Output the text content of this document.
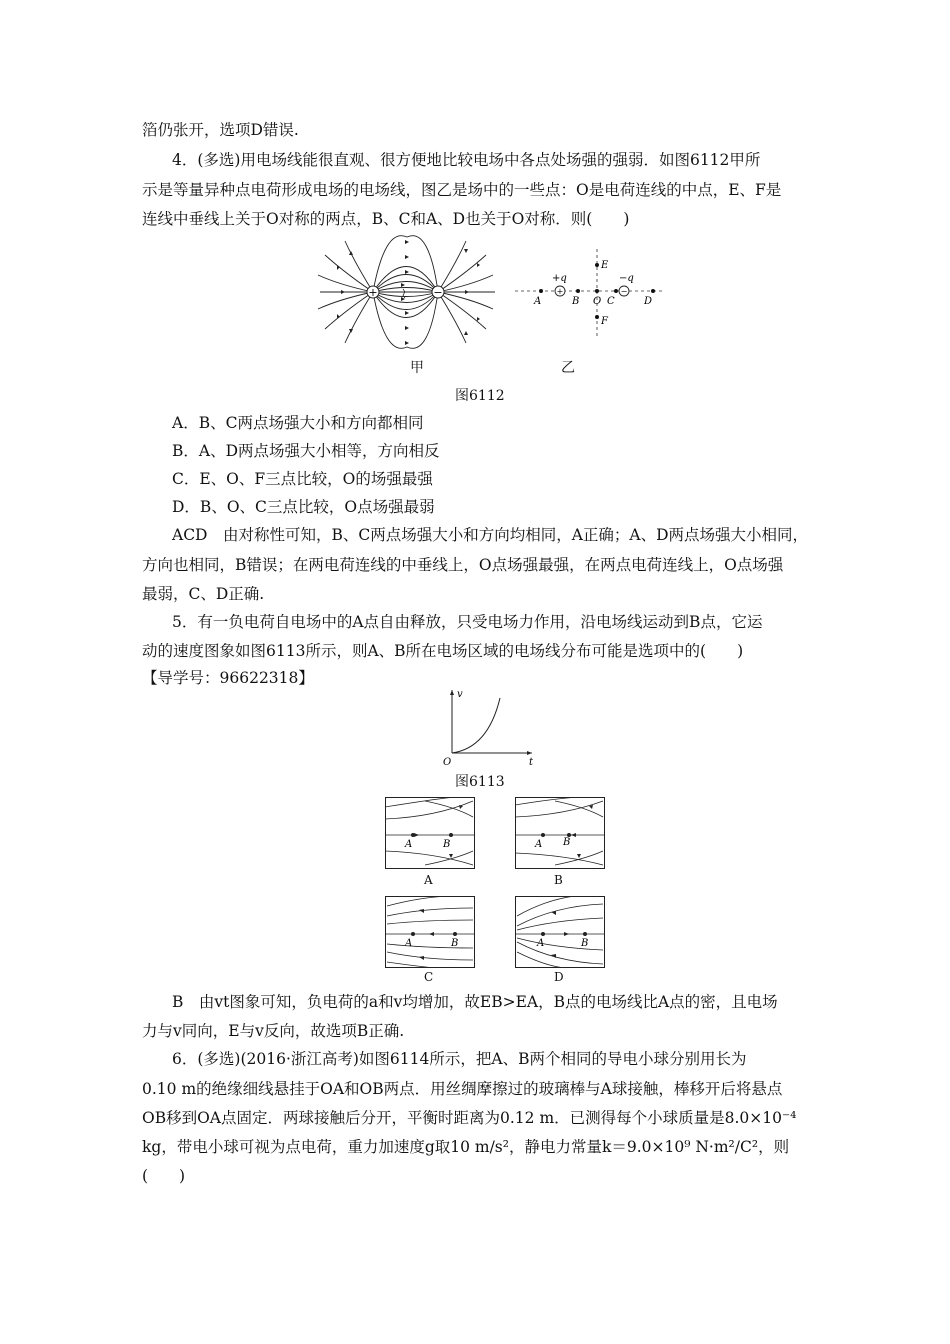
箔仍张开，选项D错误.
4．(多选)用电场线能很直观、很方便地比较电场中各点处场强的强弱．如图6112甲所
示是等量异种点电荷形成电场的电场线，图乙是场中的一些点：O是电荷连线的中点，E、F是
连线中垂线上关于O对称的两点，B、C和A、D也关于O对称．则(　　)
+	−	+	−
+q	−q
A	B O C	D
E
F
甲	乙
图6112
A．B、C两点场强大小和方向都相同
B．A、D两点场强大小相等，方向相反
C．E、O、F三点比较，O的场强最强
D．B、O、C三点比较，O点场强最弱
ACD　由对称性可知，B、C两点场强大小和方向均相同，A正确；A、D两点场强大小相同，
方向也相同，B错误；在两电荷连线的中垂线上，O点场强最强，在两点电荷连线上，O点场强
最弱，C、D正确.
5．有一负电荷自电场中的A点自由释放，只受电场力作用，沿电场线运动到B点，它运
动的速度图象如图6113所示，则A、B所在电场区域的电场线分布可能是选项中的(　　)
【导学号：96622318】
v
t
O
图6113
A	B
A
A B
B
A	B
C
A	B
D
B　由vt图象可知，负电荷的a和v均增加，故EB>EA，B点的电场线比A点的密，且电场
力与v同向，E与v反向，故选项B正确.
6．(多选)(2016·浙江高考)如图6114所示，把A、B两个相同的导电小球分别用长为
0.10 m的绝缘细线悬挂于OA和OB两点．用丝绸摩擦过的玻璃棒与A球接触，棒移开后将悬点
OB移到OA点固定．两球接触后分开，平衡时距离为0.12 m．已测得每个小球质量是8.0×10⁻⁴
kg，带电小球可视为点电荷，重力加速度g取10 m/s²，静电力常量k＝9.0×10⁹ N·m²/C²，则
(　　)
